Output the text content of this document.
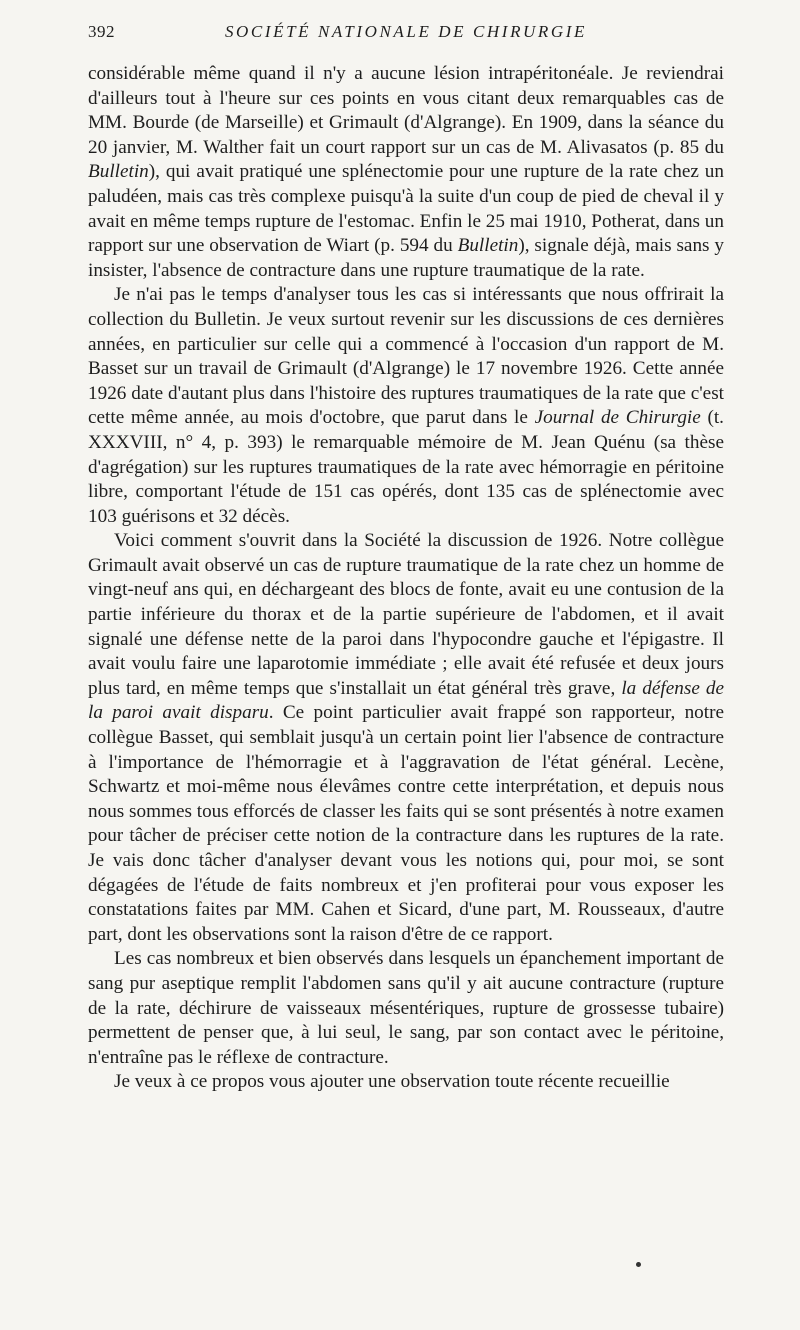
392	SOCIÉTÉ NATIONALE DE CHIRURGIE

considérable même quand il n'y a aucune lésion intrapéritonéale. Je reviendrai d'ailleurs tout à l'heure sur ces points en vous citant deux remarquables cas de MM. Bourde (de Marseille) et Grimault (d'Algrange). En 1909, dans la séance du 20 janvier, M. Walther fait un court rapport sur un cas de M. Alivasatos (p. 85 du Bulletin), qui avait pratiqué une splénectomie pour une rupture de la rate chez un paludéen, mais cas très complexe puisqu'à la suite d'un coup de pied de cheval il y avait en même temps rupture de l'estomac. Enfin le 25 mai 1910, Potherat, dans un rapport sur une observation de Wiart (p. 594 du Bulletin), signale déjà, mais sans y insister, l'absence de contracture dans une rupture traumatique de la rate.

Je n'ai pas le temps d'analyser tous les cas si intéressants que nous offrirait la collection du Bulletin. Je veux surtout revenir sur les discussions de ces dernières années, en particulier sur celle qui a commencé à l'occasion d'un rapport de M. Basset sur un travail de Grimault (d'Algrange) le 17 novembre 1926. Cette année 1926 date d'autant plus dans l'histoire des ruptures traumatiques de la rate que c'est cette même année, au mois d'octobre, que parut dans le Journal de Chirurgie (t. XXXVIII, n° 4, p. 393) le remarquable mémoire de M. Jean Quénu (sa thèse d'agrégation) sur les ruptures traumatiques de la rate avec hémorragie en péritoine libre, comportant l'étude de 151 cas opérés, dont 135 cas de splénectomie avec 103 guérisons et 32 décès.

Voici comment s'ouvrit dans la Société la discussion de 1926. Notre collègue Grimault avait observé un cas de rupture traumatique de la rate chez un homme de vingt-neuf ans qui, en déchargeant des blocs de fonte, avait eu une contusion de la partie inférieure du thorax et de la partie supérieure de l'abdomen, et il avait signalé une défense nette de la paroi dans l'hypocondre gauche et l'épigastre. Il avait voulu faire une laparotomie immédiate ; elle avait été refusée et deux jours plus tard, en même temps que s'installait un état général très grave, la défense de la paroi avait disparu. Ce point particulier avait frappé son rapporteur, notre collègue Basset, qui semblait jusqu'à un certain point lier l'absence de contracture à l'importance de l'hémorragie et à l'aggravation de l'état général. Lecène, Schwartz et moi-même nous élevâmes contre cette interprétation, et depuis nous nous sommes tous efforcés de classer les faits qui se sont présentés à notre examen pour tâcher de préciser cette notion de la contracture dans les ruptures de la rate. Je vais donc tâcher d'analyser devant vous les notions qui, pour moi, se sont dégagées de l'étude de faits nombreux et j'en profiterai pour vous exposer les constatations faites par MM. Cahen et Sicard, d'une part, M. Rousseaux, d'autre part, dont les observations sont la raison d'être de ce rapport.

Les cas nombreux et bien observés dans lesquels un épanchement important de sang pur aseptique remplit l'abdomen sans qu'il y ait aucune contracture (rupture de la rate, déchirure de vaisseaux mésentériques, rupture de grossesse tubaire) permettent de penser que, à lui seul, le sang, par son contact avec le péritoine, n'entraîne pas le réflexe de contracture.

Je veux à ce propos vous ajouter une observation toute récente recueillie
